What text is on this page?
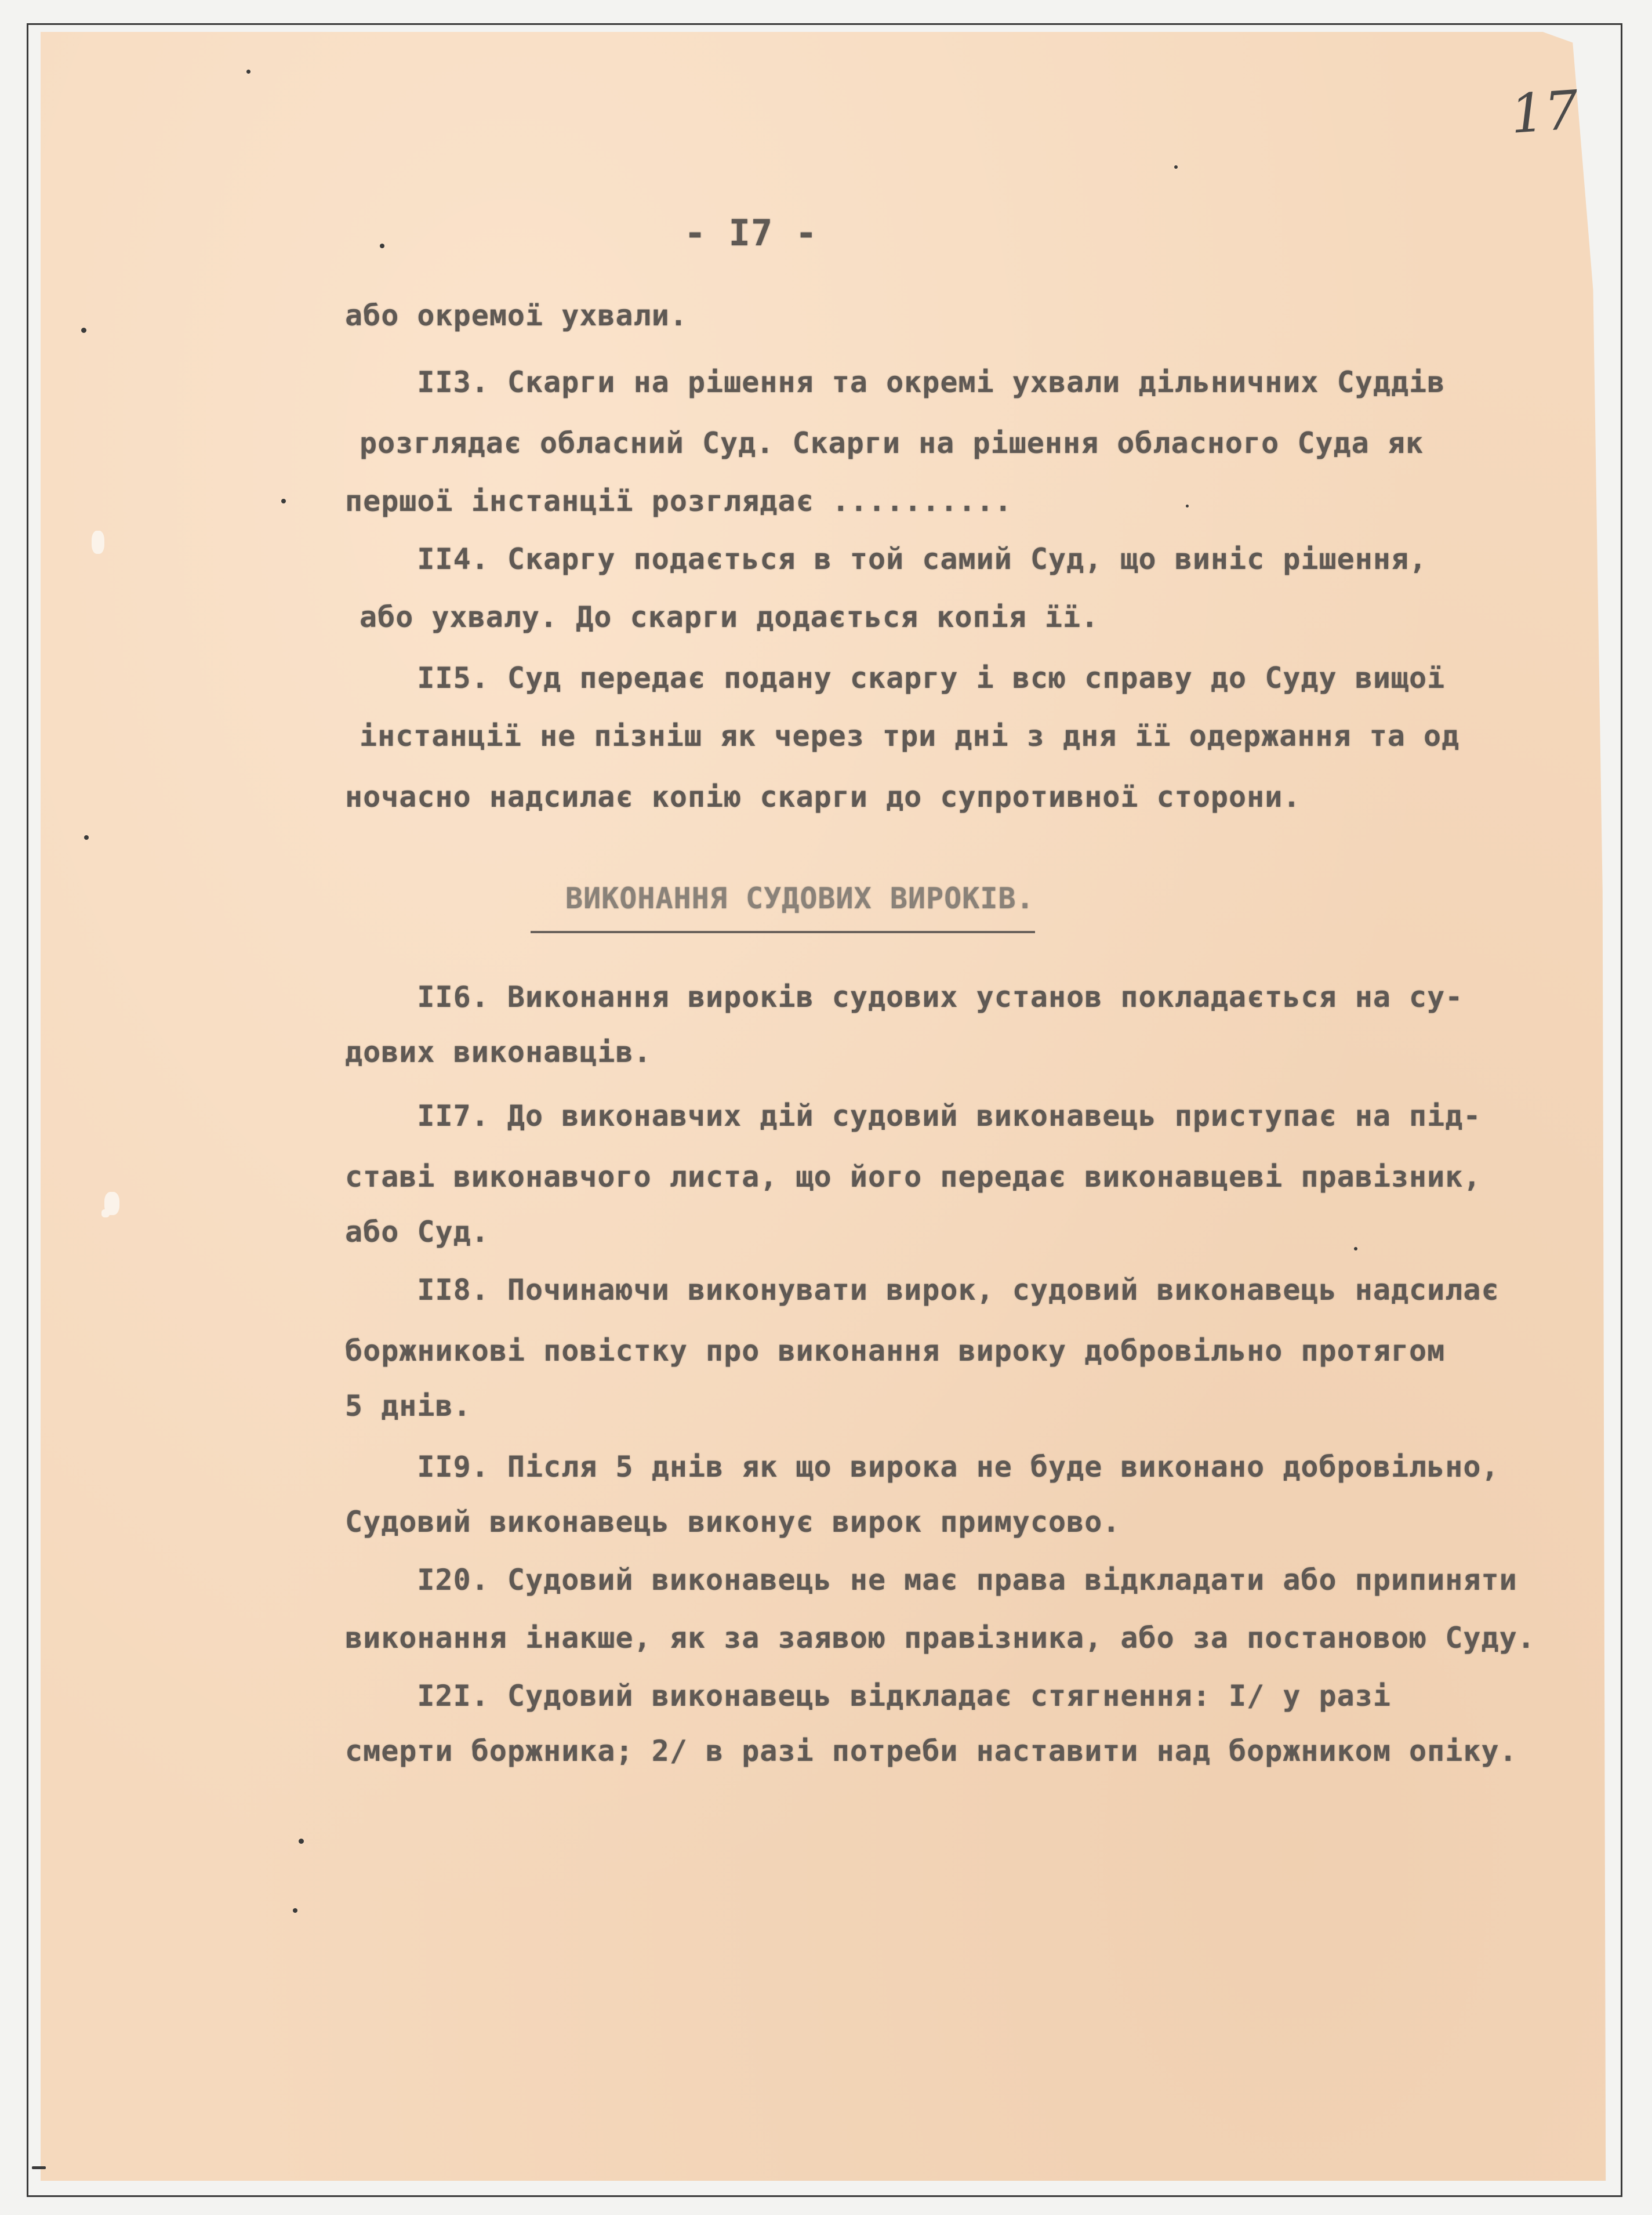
17
- I7 -
або окремої ухвали.
II3. Скарги на рішення та окремі ухвали дільничних Суддів
розглядає обласний Суд. Скарги на рішення обласного Суда як
першої інстанції розглядає ..........
II4. Скаргу подається в той самий Суд, що виніс рішення,
або ухвалу. До скарги додається копія її.
II5. Суд передає подану скаргу і всю справу до Суду вищої
інстанції не пізніш як через три дні з дня її одержання та од
ночасно надсилає копію скарги до супротивної сторони.
ВИКОНАННЯ СУДОВИХ ВИРОКІВ.
II6. Виконання вироків судових установ покладається на су-
дових виконавців.
II7. До виконавчих дій судовий виконавець приступає на під-
ставі виконавчого листа, що його передає виконавцеві правізник,
або Суд.
II8. Починаючи виконувати вирок, судовий виконавець надсилає
боржникові повістку про виконання вироку добровільно протягом
5 днів.
II9. Після 5 днів як що вирока не буде виконано добровільно,
Судовий виконавець виконує вирок примусово.
I20. Судовий виконавець не має права відкладати або припиняти
виконання інакше, як за заявою правізника, або за постановою Суду.
I2I. Судовий виконавець відкладає стягнення: I/ у разі
смерти боржника; 2/ в разі потреби наставити над боржником опіку.
